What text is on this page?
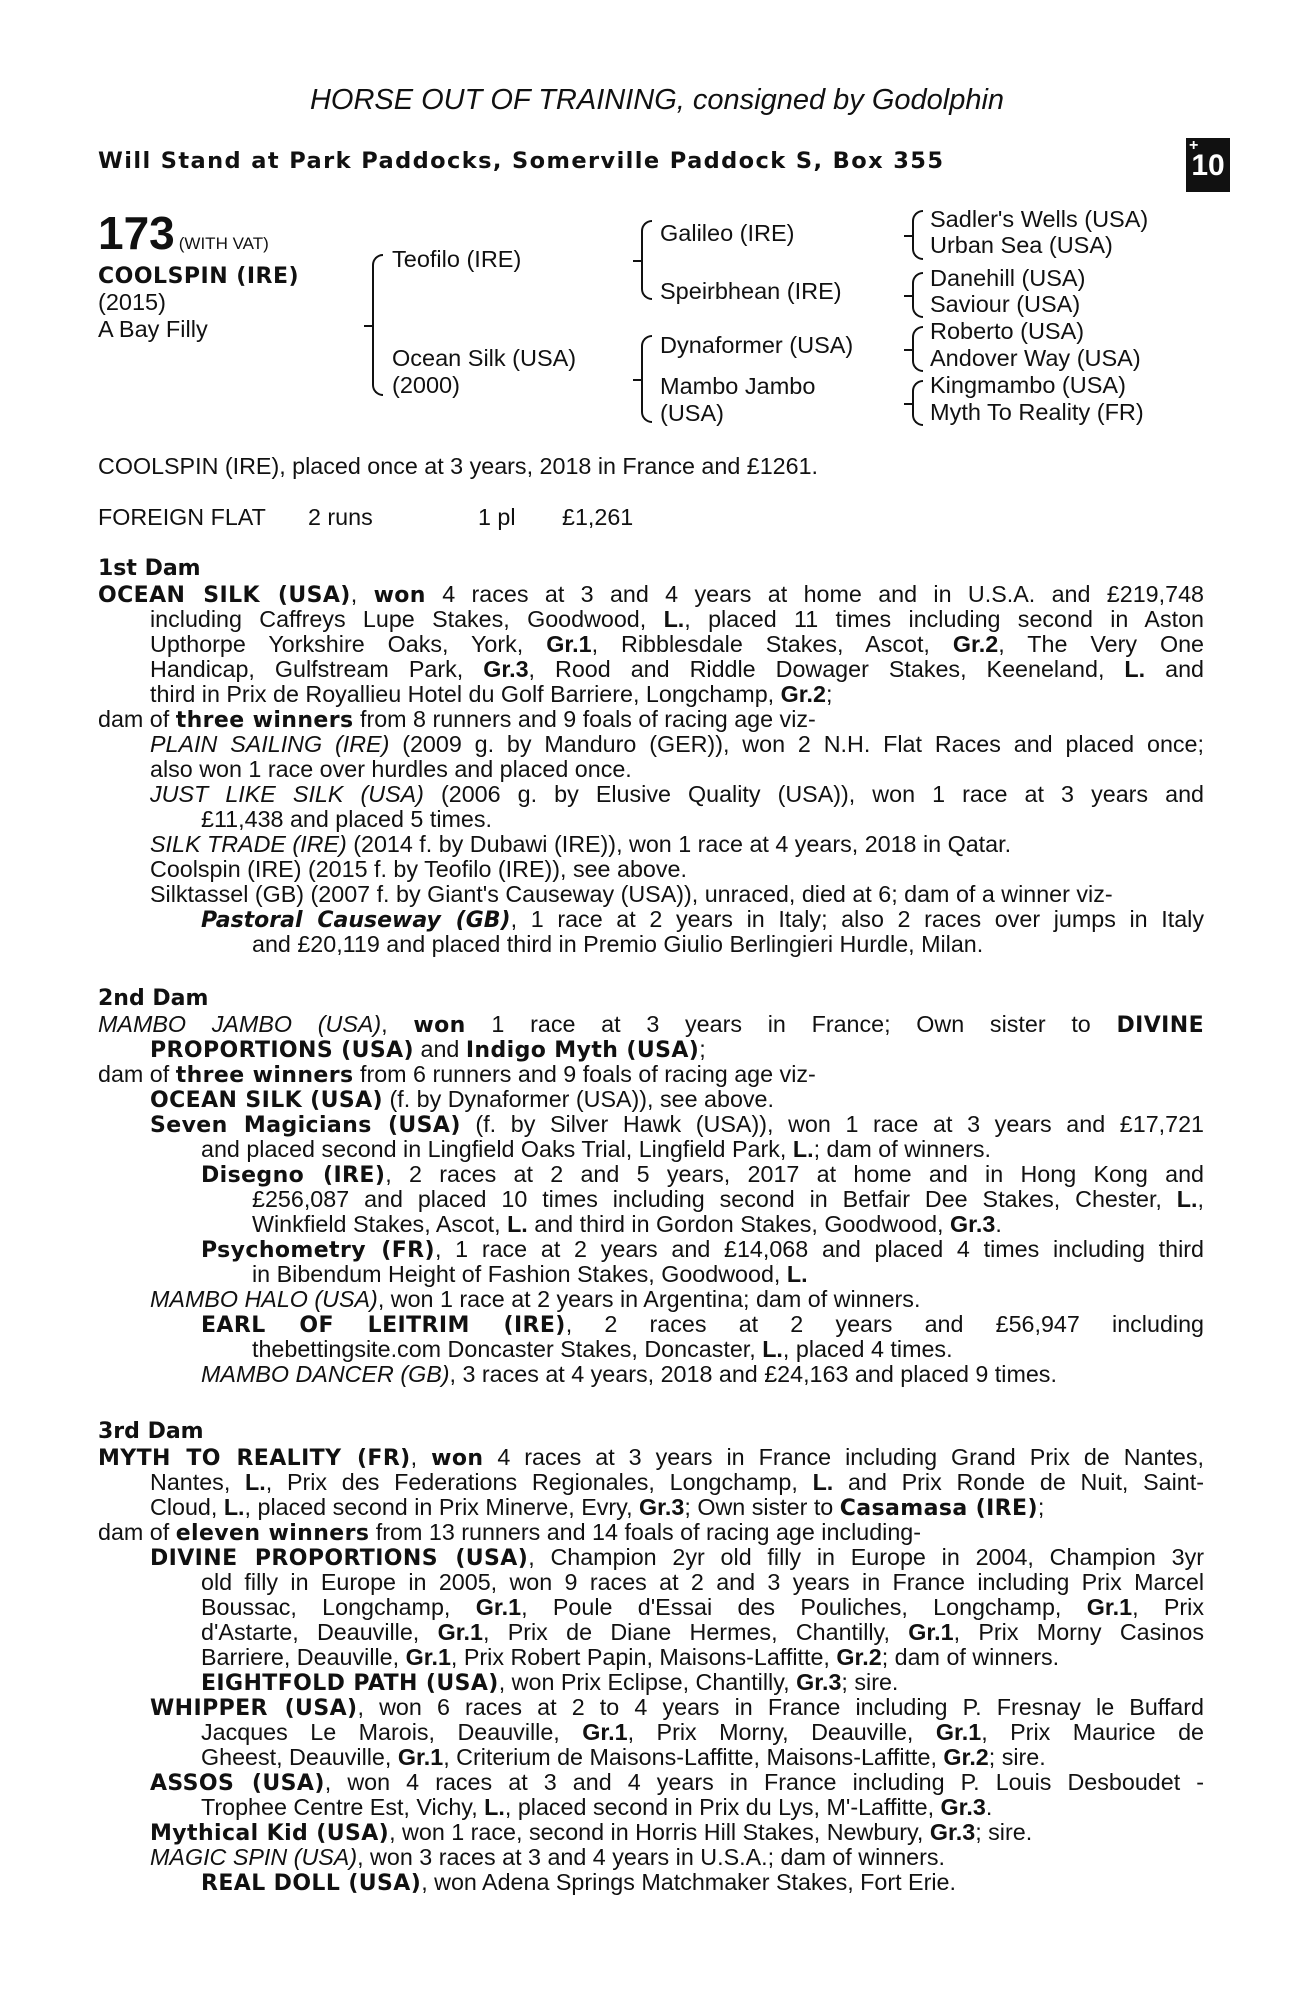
HORSE OUT OF TRAINING, consigned by Godolphin
Will Stand at Park Paddocks, Somerville Paddock S, Box 355
+
10
173 (WITH VAT)
COOLSPIN (IRE)
(2015)
A Bay Filly
Teofilo (IRE)
Ocean Silk (USA)
(2000)
Galileo (IRE)
Speirbhean (IRE)
Dynaformer (USA)
Mambo Jambo
(USA)
Sadler's Wells (USA)
Urban Sea (USA)
Danehill (USA)
Saviour (USA)
Roberto (USA)
Andover Way (USA)
Kingmambo (USA)
Myth To Reality (FR)
COOLSPIN (IRE), placed once at 3 years, 2018 in France and £1261.
FOREIGN FLAT 2 runs	1 pl £1,261
1st Dam
OCEAN SILK (USA), won 4 races at 3 and 4 years at home and in U.S.A. and £219,748
including Caffreys Lupe Stakes, Goodwood, L., placed 11 times including second in Aston
Upthorpe Yorkshire Oaks, York, Gr.1, Ribblesdale Stakes, Ascot, Gr.2, The Very One
Handicap, Gulfstream Park, Gr.3, Rood and Riddle Dowager Stakes, Keeneland, L. and
third in Prix de Royallieu Hotel du Golf Barriere, Longchamp, Gr.2;
dam of three winners from 8 runners and 9 foals of racing age viz-
PLAIN SAILING (IRE) (2009 g. by Manduro (GER)), won 2 N.H. Flat Races and placed once;
also won 1 race over hurdles and placed once.
JUST LIKE SILK (USA) (2006 g. by Elusive Quality (USA)), won 1 race at 3 years and
£11,438 and placed 5 times.
SILK TRADE (IRE) (2014 f. by Dubawi (IRE)), won 1 race at 4 years, 2018 in Qatar.
Coolspin (IRE) (2015 f. by Teofilo (IRE)), see above.
Silktassel (GB) (2007 f. by Giant's Causeway (USA)), unraced, died at 6; dam of a winner viz-
Pastoral Causeway (GB), 1 race at 2 years in Italy; also 2 races over jumps in Italy
and £20,119 and placed third in Premio Giulio Berlingieri Hurdle, Milan.
2nd Dam
MAMBO JAMBO (USA), won 1 race at 3 years in France; Own sister to DIVINE
PROPORTIONS (USA) and Indigo Myth (USA);
dam of three winners from 6 runners and 9 foals of racing age viz-
OCEAN SILK (USA) (f. by Dynaformer (USA)), see above.
Seven Magicians (USA) (f. by Silver Hawk (USA)), won 1 race at 3 years and £17,721
and placed second in Lingfield Oaks Trial, Lingfield Park, L.; dam of winners.
Disegno (IRE), 2 races at 2 and 5 years, 2017 at home and in Hong Kong and
£256,087 and placed 10 times including second in Betfair Dee Stakes, Chester, L.,
Winkfield Stakes, Ascot, L. and third in Gordon Stakes, Goodwood, Gr.3.
Psychometry (FR), 1 race at 2 years and £14,068 and placed 4 times including third
in Bibendum Height of Fashion Stakes, Goodwood, L.
MAMBO HALO (USA), won 1 race at 2 years in Argentina; dam of winners.
EARL OF LEITRIM (IRE), 2 races at 2 years and £56,947 including
thebettingsite.com Doncaster Stakes, Doncaster, L., placed 4 times.
MAMBO DANCER (GB), 3 races at 4 years, 2018 and £24,163 and placed 9 times.
3rd Dam
MYTH TO REALITY (FR), won 4 races at 3 years in France including Grand Prix de Nantes,
Nantes, L., Prix des Federations Regionales, Longchamp, L. and Prix Ronde de Nuit, Saint-
Cloud, L., placed second in Prix Minerve, Evry, Gr.3; Own sister to Casamasa (IRE);
dam of eleven winners from 13 runners and 14 foals of racing age including-
DIVINE PROPORTIONS (USA), Champion 2yr old filly in Europe in 2004, Champion 3yr
old filly in Europe in 2005, won 9 races at 2 and 3 years in France including Prix Marcel
Boussac, Longchamp, Gr.1, Poule d'Essai des Pouliches, Longchamp, Gr.1, Prix
d'Astarte, Deauville, Gr.1, Prix de Diane Hermes, Chantilly, Gr.1, Prix Morny Casinos
Barriere, Deauville, Gr.1, Prix Robert Papin, Maisons-Laffitte, Gr.2; dam of winners.
EIGHTFOLD PATH (USA), won Prix Eclipse, Chantilly, Gr.3; sire.
WHIPPER (USA), won 6 races at 2 to 4 years in France including P. Fresnay le Buffard
Jacques Le Marois, Deauville, Gr.1, Prix Morny, Deauville, Gr.1, Prix Maurice de
Gheest, Deauville, Gr.1, Criterium de Maisons-Laffitte, Maisons-Laffitte, Gr.2; sire.
ASSOS (USA), won 4 races at 3 and 4 years in France including P. Louis Desboudet -
Trophee Centre Est, Vichy, L., placed second in Prix du Lys, M'-Laffitte, Gr.3.
Mythical Kid (USA), won 1 race, second in Horris Hill Stakes, Newbury, Gr.3; sire.
MAGIC SPIN (USA), won 3 races at 3 and 4 years in U.S.A.; dam of winners.
REAL DOLL (USA), won Adena Springs Matchmaker Stakes, Fort Erie.
